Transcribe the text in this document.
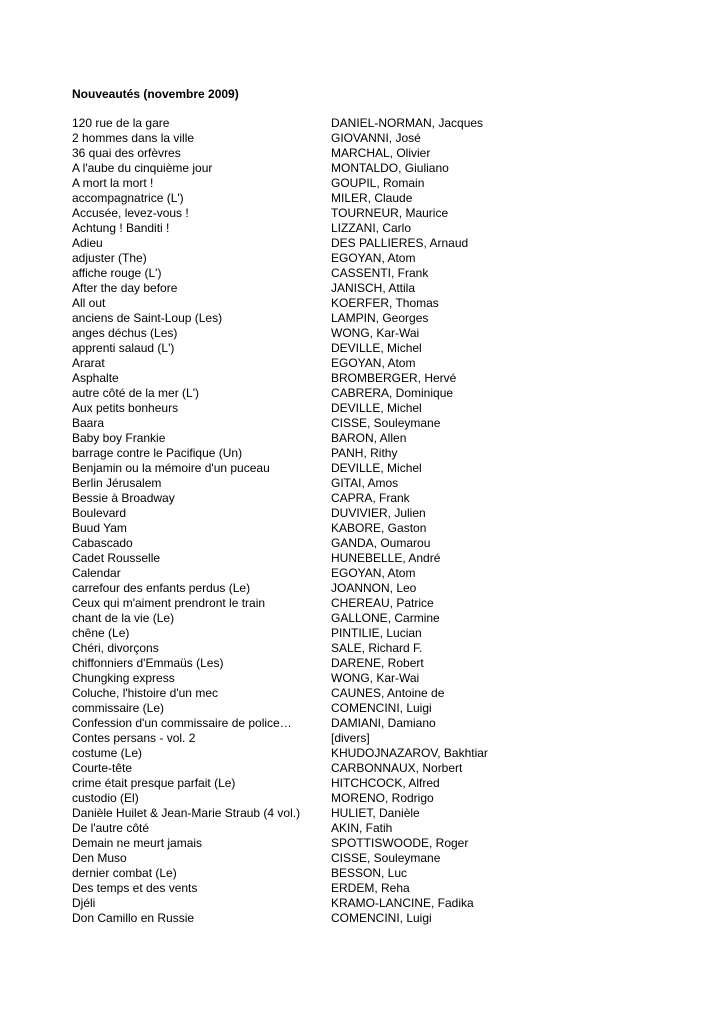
Nouveautés (novembre 2009)
120 rue de la gare	DANIEL-NORMAN, Jacques
2 hommes dans la ville	GIOVANNI, José
36 quai des orfèvres	MARCHAL, Olivier
A l'aube du cinquième jour	MONTALDO, Giuliano
A mort la mort !	GOUPIL, Romain
accompagnatrice (L')	MILER, Claude
Accusée, levez-vous !	TOURNEUR, Maurice
Achtung ! Banditi !	LIZZANI, Carlo
Adieu	DES PALLIERES, Arnaud
adjuster (The)	EGOYAN, Atom
affiche rouge (L')	CASSENTI, Frank
After the day before	JANISCH, Attila
All out	KOERFER, Thomas
anciens de Saint-Loup (Les)	LAMPIN, Georges
anges déchus (Les)	WONG, Kar-Wai
apprenti salaud (L')	DEVILLE, Michel
Ararat	EGOYAN, Atom
Asphalte	BROMBERGER, Hervé
autre côté de la mer (L')	CABRERA, Dominique
Aux petits bonheurs	DEVILLE, Michel
Baara	CISSE, Souleymane
Baby boy Frankie	BARON, Allen
barrage contre le Pacifique (Un)	PANH, Rithy
Benjamin ou la mémoire d'un puceau	DEVILLE, Michel
Berlin Jérusalem	GITAI, Amos
Bessie à Broadway	CAPRA, Frank
Boulevard	DUVIVIER, Julien
Buud Yam	KABORE, Gaston
Cabascado	GANDA, Oumarou
Cadet Rousselle	HUNEBELLE, André
Calendar	EGOYAN, Atom
carrefour des enfants perdus (Le)	JOANNON, Leo
Ceux qui m'aiment prendront le train	CHEREAU, Patrice
chant de la vie (Le)	GALLONE, Carmine
chêne (Le)	PINTILIE, Lucian
Chéri, divorçons	SALE, Richard F.
chiffonniers d'Emmaüs (Les)	DARENE, Robert
Chungking express	WONG, Kar-Wai
Coluche, l'histoire d'un mec	CAUNES, Antoine de
commissaire (Le)	COMENCINI, Luigi
Confession d'un commissaire de police…	DAMIANI, Damiano
Contes persans - vol. 2	[divers]
costume (Le)	KHUDOJNAZAROV, Bakhtiar
Courte-tête	CARBONNAUX, Norbert
crime était presque parfait (Le)	HITCHCOCK, Alfred
custodio (El)	MORENO, Rodrigo
Danièle Huilet & Jean-Marie Straub (4 vol.)	HULIET, Danièle
De l'autre côté	AKIN, Fatih
Demain ne meurt jamais	SPOTTISWOODE, Roger
Den Muso	CISSE, Souleymane
dernier combat (Le)	BESSON, Luc
Des temps et des vents	ERDEM, Reha
Djéli	KRAMO-LANCINE, Fadika
Don Camillo en Russie	COMENCINI, Luigi
